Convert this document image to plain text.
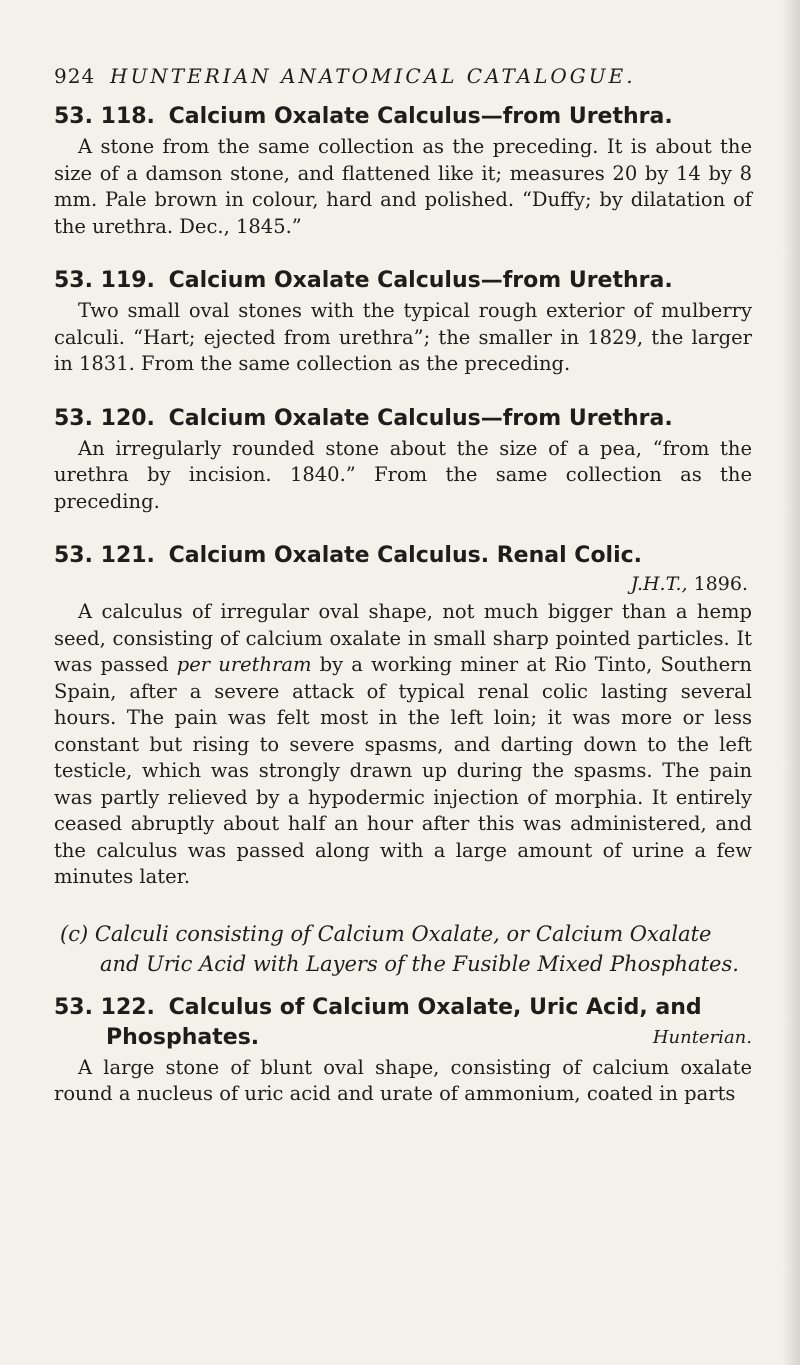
924 HUNTERIAN ANATOMICAL CATALOGUE.
53. 118. Calcium Oxalate Calculus—from Urethra.

A stone from the same collection as the preceding. It is about the size of a damson stone, and flattened like it; measures 20 by 14 by 8 mm. Pale brown in colour, hard and polished. “Duffy; by dilatation of the urethra. Dec., 1845.”

53. 119. Calcium Oxalate Calculus—from Urethra.

Two small oval stones with the typical rough exterior of mulberry calculi. “Hart; ejected from urethra”; the smaller in 1829, the larger in 1831. From the same collection as the preceding.

53. 120. Calcium Oxalate Calculus—from Urethra.

An irregularly rounded stone about the size of a pea, “from the urethra by incision. 1840.” From the same collection as the preceding.

53. 121. Calcium Oxalate Calculus. Renal Colic.
J.H.T., 1896.

A calculus of irregular oval shape, not much bigger than a hemp seed, consisting of calcium oxalate in small sharp pointed particles. It was passed per urethram by a working miner at Rio Tinto, Southern Spain, after a severe attack of typical renal colic lasting several hours. The pain was felt most in the left loin; it was more or less constant but rising to severe spasms, and darting down to the left testicle, which was strongly drawn up during the spasms. The pain was partly relieved by a hypodermic injection of morphia. It entirely ceased abruptly about half an hour after this was administered, and the calculus was passed along with a large amount of urine a few minutes later.

(c) Calculi consisting of Calcium Oxalate, or Calcium Oxalate and Uric Acid with Layers of the Fusible Mixed Phosphates.
53. 122. Calculus of Calcium Oxalate, Uric Acid, and
Phosphates.	Hunterian.

A large stone of blunt oval shape, consisting of calcium oxalate round a nucleus of uric acid and urate of ammonium, coated in parts
